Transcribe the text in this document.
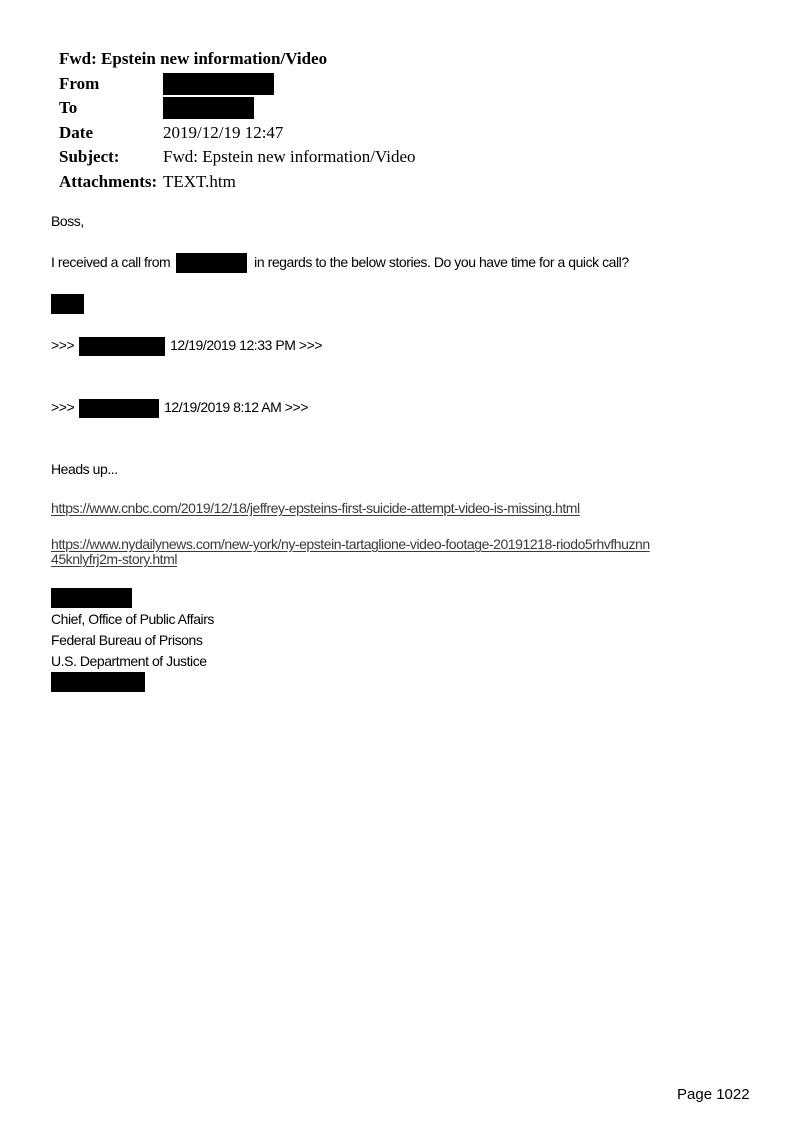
Fwd: Epstein new information/Video
From
To
Date	2019/12/19 12:47
Subject:	Fwd: Epstein new information/Video
Attachments: TEXT.htm
Boss,
I received a call from	in regards to the below stories. Do you have time for a quick call?
>>>	12/19/2019 12:33 PM >>>
>>>	12/19/2019 8:12 AM >>>
Heads up...
https://www.cnbc.com/2019/12/18/jeffrey-epsteins-first-suicide-attempt-video-is-missing.html
https://www.nydailynews.com/new-york/ny-epstein-tartaglione-video-footage-20191218-riodo5rhvfhuznn45knlyfrj2m-story.html
Chief, Office of Public Affairs
Federal Bureau of Prisons
U.S. Department of Justice
Page 1022
